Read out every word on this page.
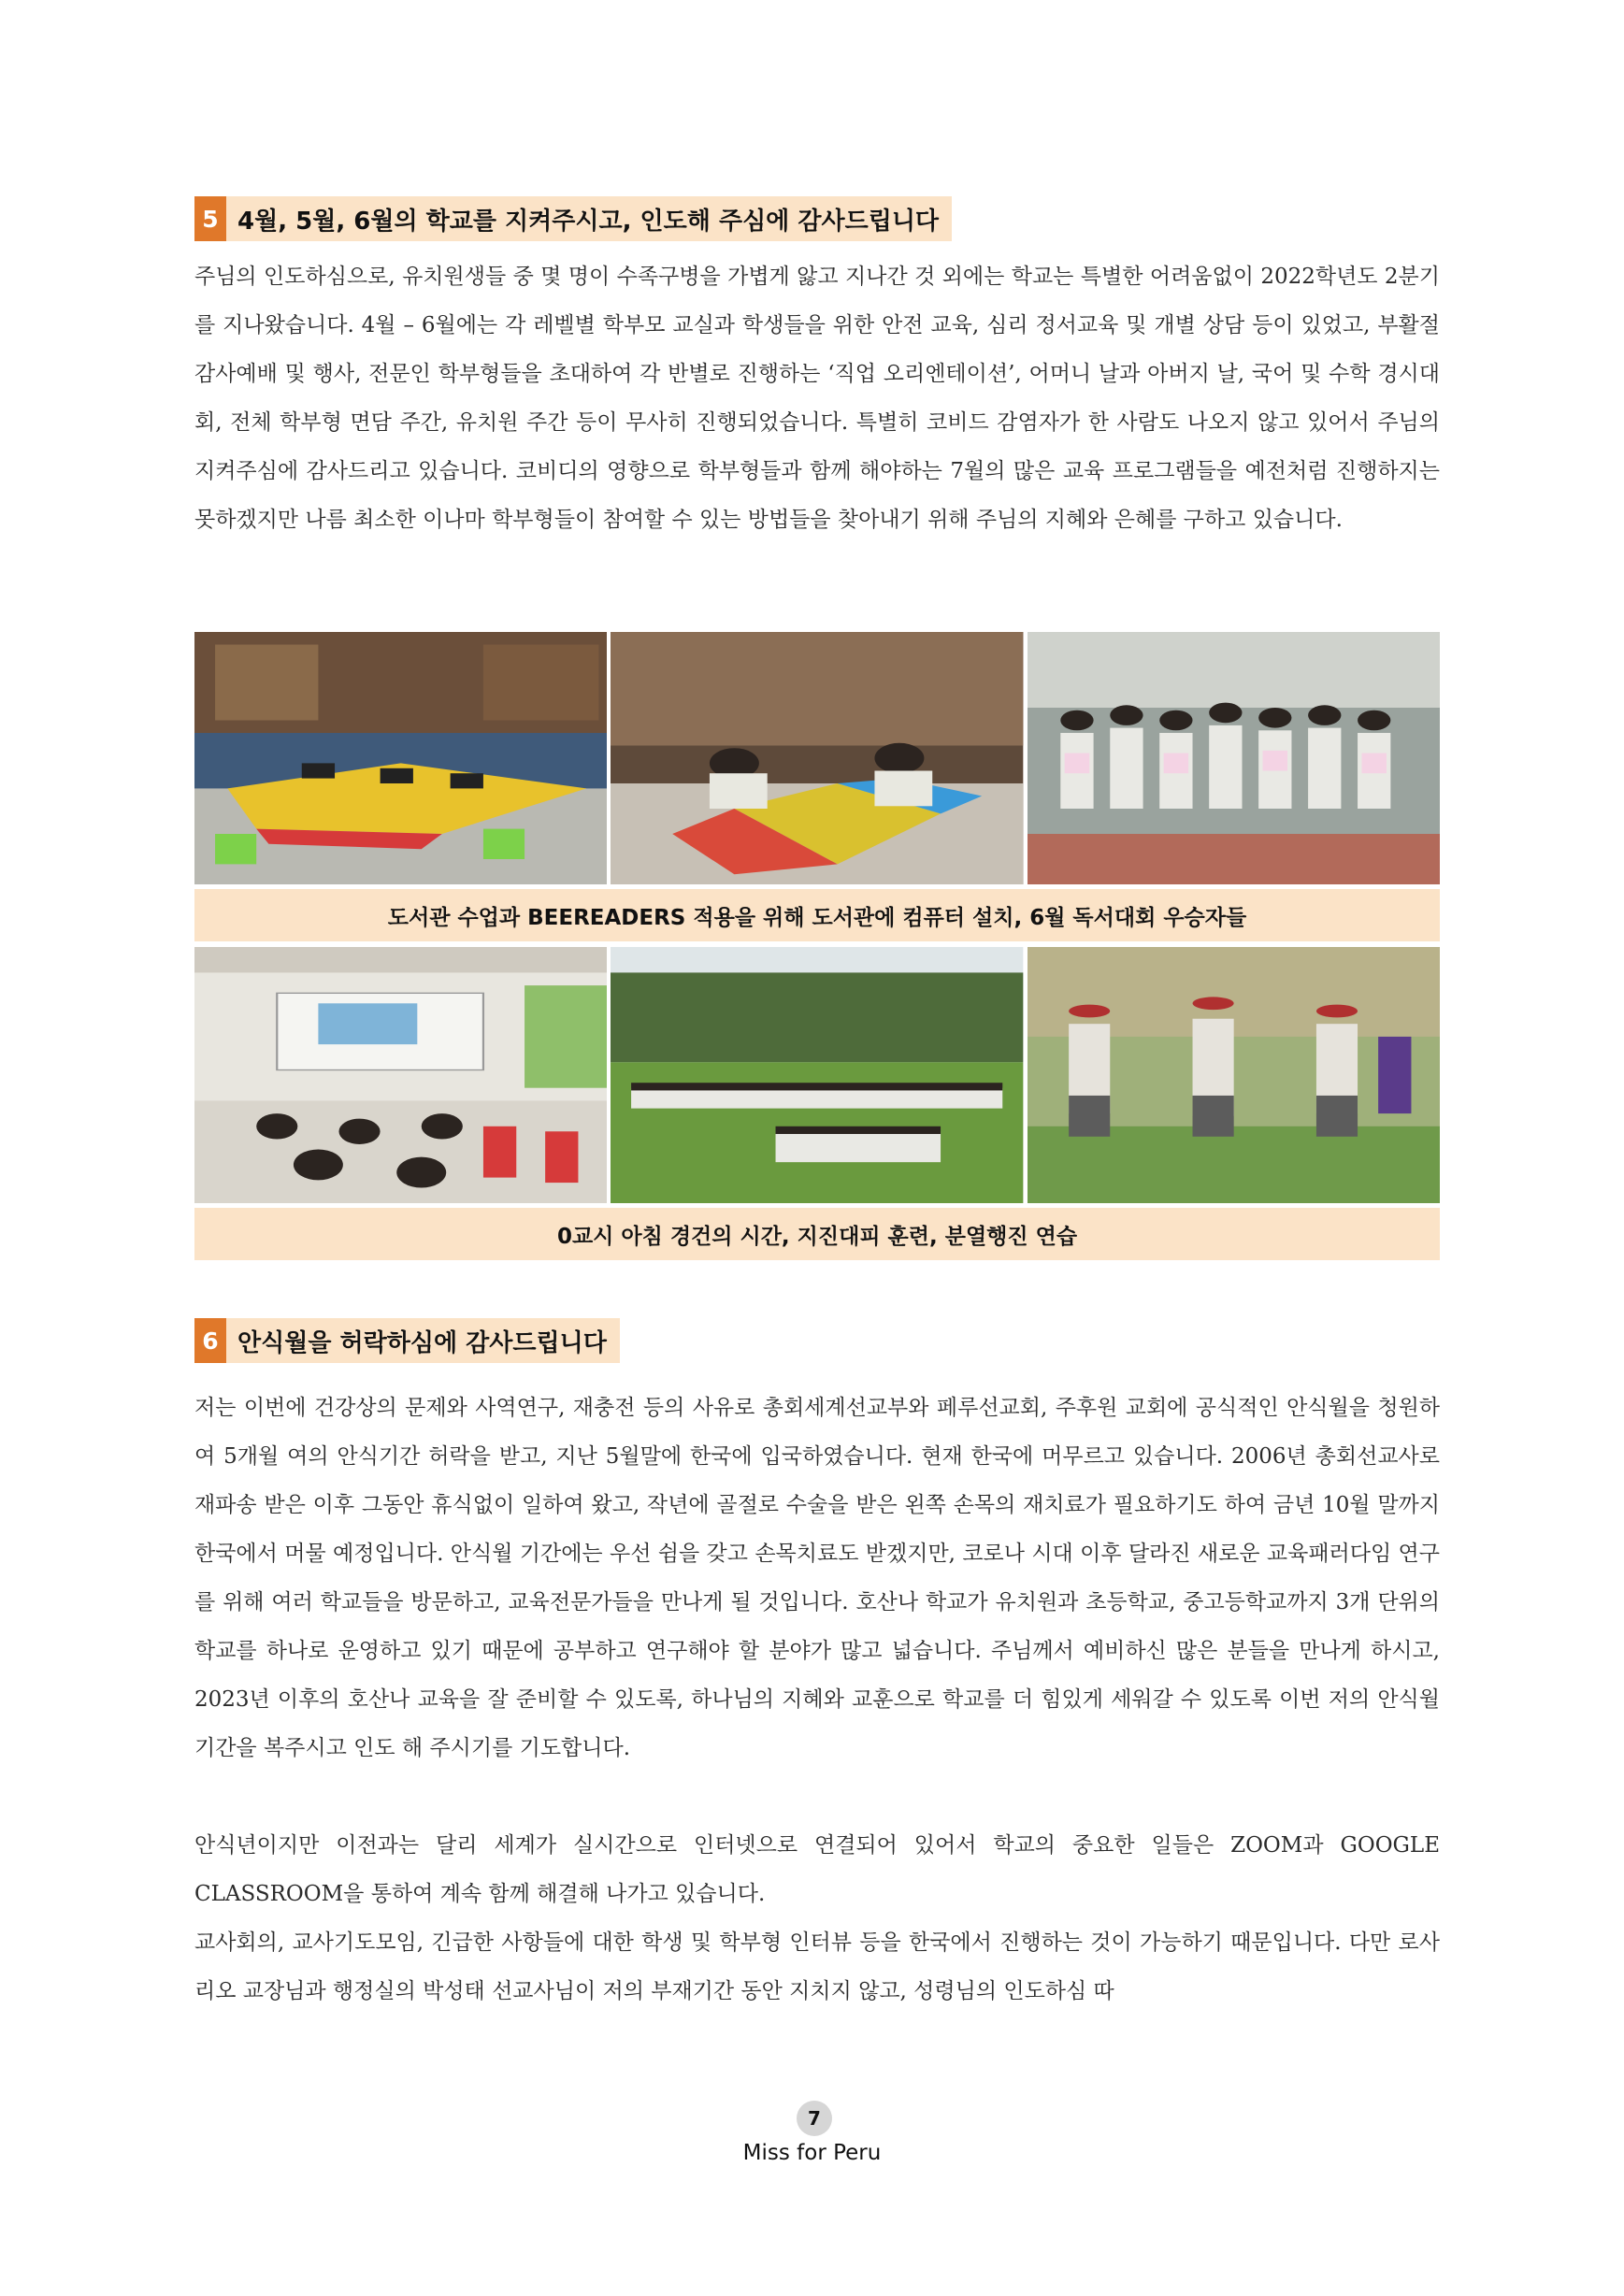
5 4월, 5월, 6월의 학교를 지켜주시고, 인도해 주심에 감사드립니다

주님의 인도하심으로, 유치원생들 중 몇 명이 수족구병을 가볍게 앓고 지나간 것 외에는 학교는 특별한 어려움없이 2022학년도 2분기를 지나왔습니다. 4월 – 6월에는 각 레벨별 학부모 교실과 학생들을 위한 안전 교육, 심리 정서교육 및 개별 상담 등이 있었고, 부활절 감사예배 및 행사, 전문인 학부형들을 초대하여 각 반별로 진행하는 ‘직업 오리엔테이션’, 어머니 날과 아버지 날, 국어 및 수학 경시대회, 전체 학부형 면담 주간, 유치원 주간 등이 무사히 진행되었습니다. 특별히 코비드 감염자가 한 사람도 나오지 않고 있어서 주님의 지켜주심에 감사드리고 있습니다. 코비디의 영향으로 학부형들과 함께 해야하는 7월의 많은 교육 프로그램들을 예전처럼 진행하지는 못하겠지만 나름 최소한 이나마 학부형들이 참여할 수 있는 방법들을 찾아내기 위해 주님의 지혜와 은혜를 구하고 있습니다.

도서관 수업과 BEEREADERS 적용을 위해 도서관에 컴퓨터 설치, 6월 독서대회 우승자들
0교시 아침 경건의 시간, 지진대피 훈련, 분열행진 연습
6 안식월을 허락하심에 감사드립니다

저는 이번에 건강상의 문제와 사역연구, 재충전 등의 사유로 총회세계선교부와 페루선교회, 주후원 교회에 공식적인 안식월을 청원하여 5개월 여의 안식기간 허락을 받고, 지난 5월말에 한국에 입국하였습니다. 현재 한국에 머무르고 있습니다. 2006년 총회선교사로 재파송 받은 이후 그동안 휴식없이 일하여 왔고, 작년에 골절로 수술을 받은 왼쪽 손목의 재치료가 필요하기도 하여 금년 10월 말까지 한국에서 머물 예정입니다. 안식월 기간에는 우선 쉼을 갖고 손목치료도 받겠지만, 코로나 시대 이후 달라진 새로운 교육패러다임 연구를 위해 여러 학교들을 방문하고, 교육전문가들을 만나게 될 것입니다. 호산나 학교가 유치원과 초등학교, 중고등학교까지 3개 단위의 학교를 하나로 운영하고 있기 때문에 공부하고 연구해야 할 분야가 많고 넓습니다. 주님께서 예비하신 많은 분들을 만나게 하시고, 2023년 이후의 호산나 교육을 잘 준비할 수 있도록, 하나님의 지혜와 교훈으로 학교를 더 힘있게 세워갈 수 있도록 이번 저의 안식월 기간을 복주시고 인도 해 주시기를 기도합니다.

안식년이지만 이전과는 달리 세계가 실시간으로 인터넷으로 연결되어 있어서 학교의 중요한 일들은 ZOOM과 GOOGLE CLASSROOM을 통하여 계속 함께 해결해 나가고 있습니다.

교사회의, 교사기도모임, 긴급한 사항들에 대한 학생 및 학부형 인터뷰 등을 한국에서 진행하는 것이 가능하기 때문입니다. 다만 로사리오 교장님과 행정실의 박성태 선교사님이 저의 부재기간 동안 지치지 않고, 성령님의 인도하심 따

7
Miss for Peru
